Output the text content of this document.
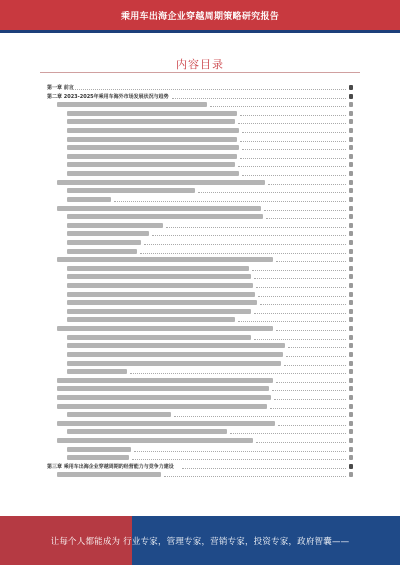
乘用车出海企业穿越周期策略研究报告
内容目录
第一章 前言
第二章 2023-2025年乘用车海外市场发展状况与趋势
第三章 乘用车出海企业穿越周期的经营能力与竞争力建设
让每个人都能成为 行业专家，管理专家，营销专家，投资专家，政府智囊——
